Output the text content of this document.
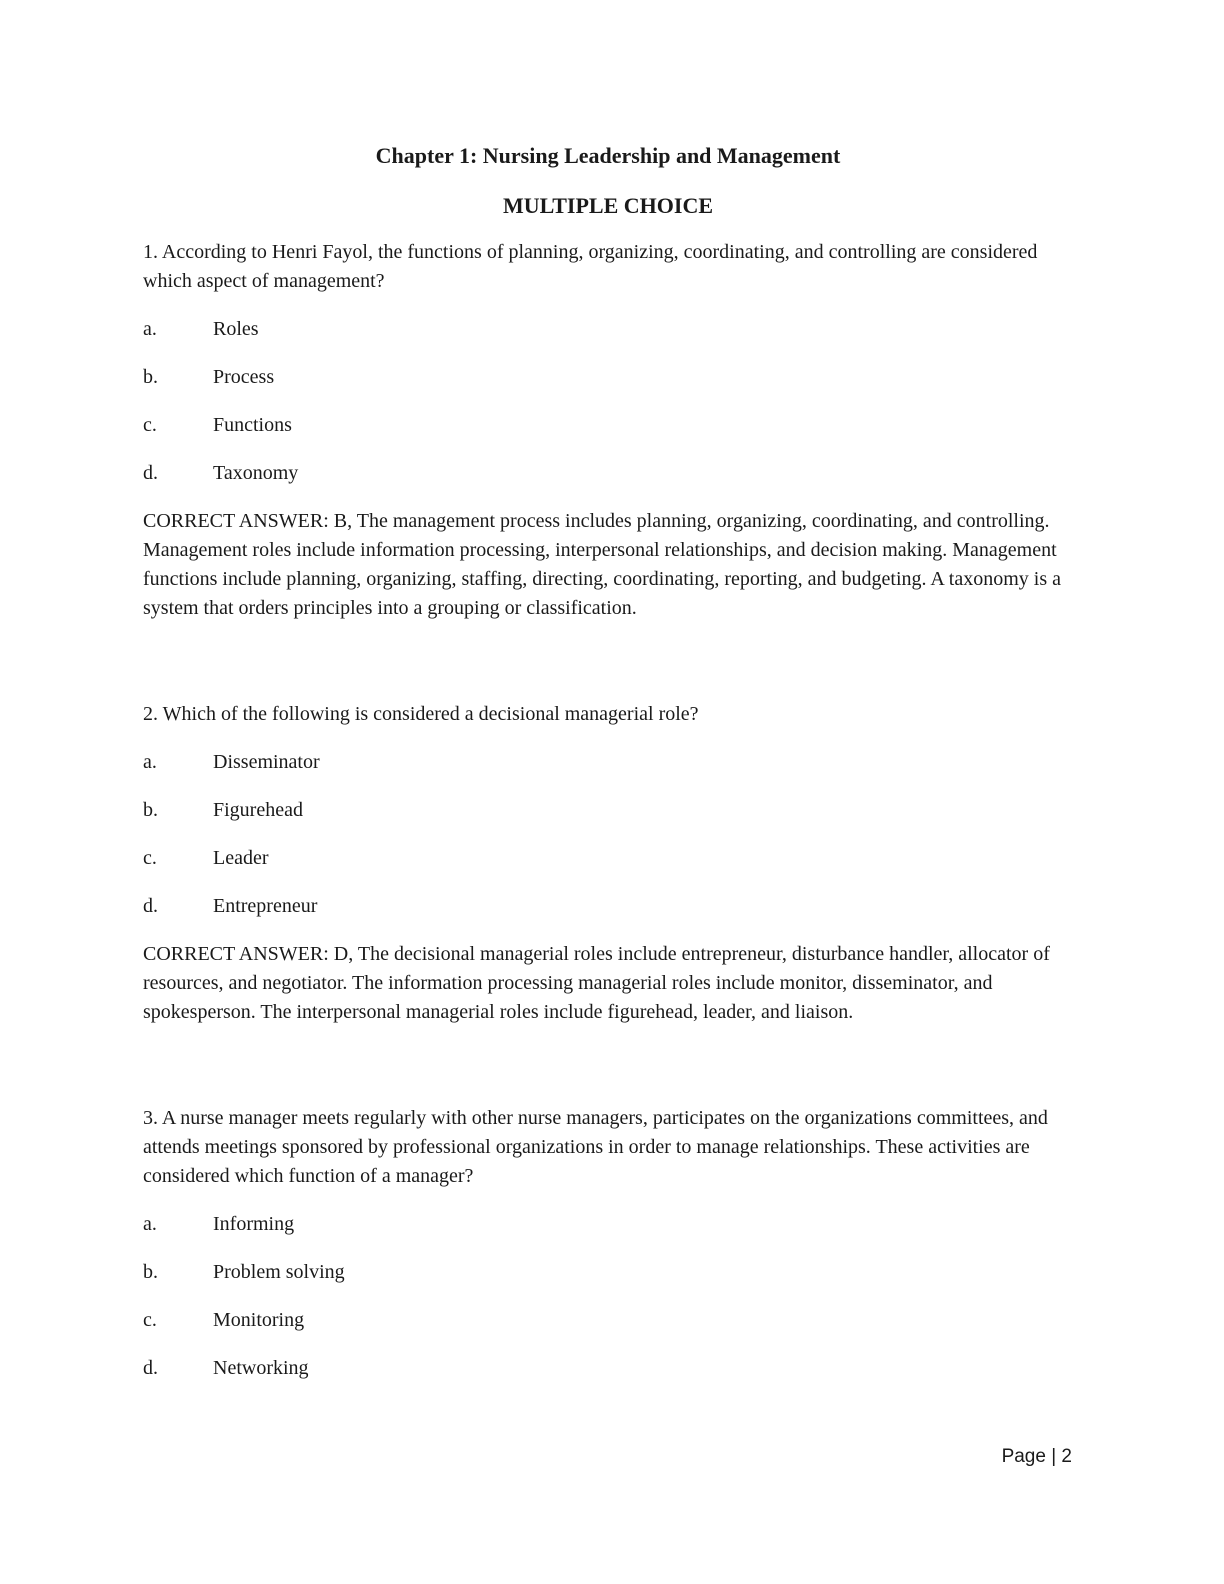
Chapter 1: Nursing Leadership and Management
MULTIPLE CHOICE
1. According to Henri Fayol, the functions of planning, organizing, coordinating, and controlling are considered which aspect of management?
a.	Roles
b.	Process
c.	Functions
d.	Taxonomy
CORRECT ANSWER: B, The management process includes planning, organizing, coordinating, and controlling. Management roles include information processing, interpersonal relationships, and decision making. Management functions include planning, organizing, staffing, directing, coordinating, reporting, and budgeting. A taxonomy is a system that orders principles into a grouping or classification.
2. Which of the following is considered a decisional managerial role?
a.	Disseminator
b.	Figurehead
c.	Leader
d.	Entrepreneur
CORRECT ANSWER: D, The decisional managerial roles include entrepreneur, disturbance handler, allocator of resources, and negotiator. The information processing managerial roles include monitor, disseminator, and spokesperson. The interpersonal managerial roles include figurehead, leader, and liaison.
3. A nurse manager meets regularly with other nurse managers, participates on the organizations committees, and attends meetings sponsored by professional organizations in order to manage relationships. These activities are considered which function of a manager?
a.	Informing
b.	Problem solving
c.	Monitoring
d.	Networking
Page | 2
